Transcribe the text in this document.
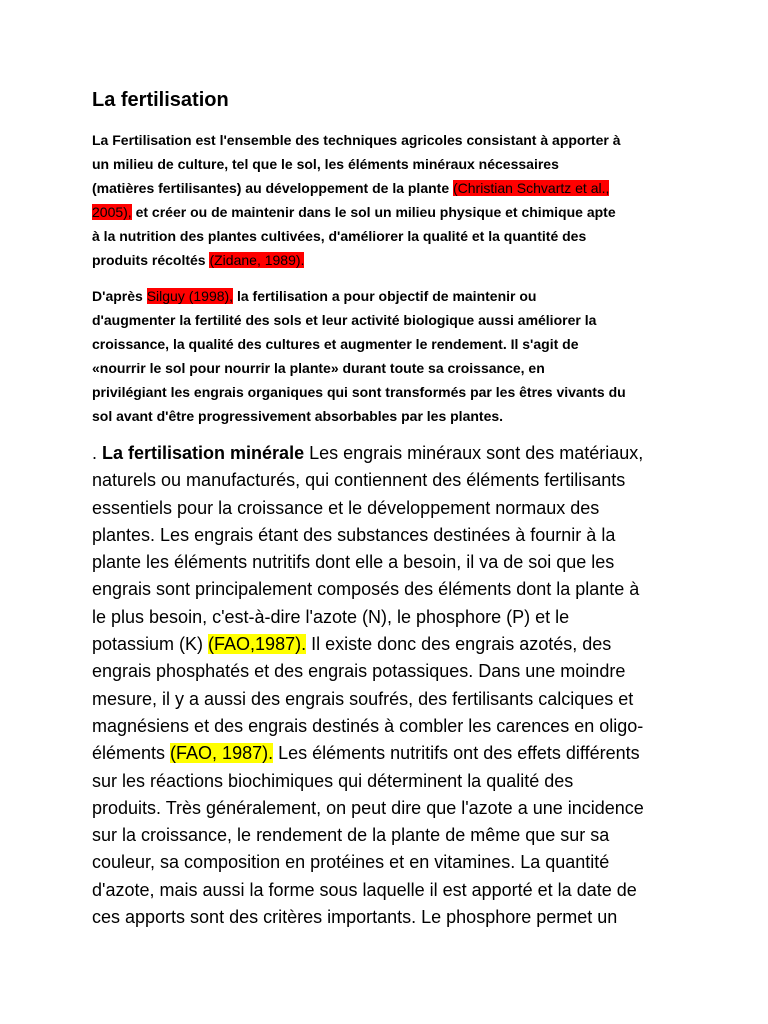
La fertilisation

La Fertilisation est l'ensemble des techniques agricoles consistant à apporter à
un milieu de culture, tel que le sol, les éléments minéraux nécessaires
(matières fertilisantes) au développement de la plante (Christian Schvartz et al.,
2005), et créer ou de maintenir dans le sol un milieu physique et chimique apte
à la nutrition des plantes cultivées, d'améliorer la qualité et la quantité des
produits récoltés (Zidane, 1989).

D'après Silguy (1998), la fertilisation a pour objectif de maintenir ou
d'augmenter la fertilité des sols et leur activité biologique aussi améliorer la
croissance, la qualité des cultures et augmenter le rendement. Il s'agit de
«nourrir le sol pour nourrir la plante» durant toute sa croissance, en
privilégiant les engrais organiques qui sont transformés par les êtres vivants du
sol avant d'être progressivement absorbables par les plantes.

. La fertilisation minérale Les engrais minéraux sont des matériaux,
naturels ou manufacturés, qui contiennent des éléments fertilisants
essentiels pour la croissance et le développement normaux des
plantes. Les engrais étant des substances destinées à fournir à la
plante les éléments nutritifs dont elle a besoin, il va de soi que les
engrais sont principalement composés des éléments dont la plante à
le plus besoin, c'est-à-dire l'azote (N), le phosphore (P) et le
potassium (K) (FAO,1987). Il existe donc des engrais azotés, des
engrais phosphatés et des engrais potassiques. Dans une moindre
mesure, il y a aussi des engrais soufrés, des fertilisants calciques et
magnésiens et des engrais destinés à combler les carences en oligo-
éléments (FAO, 1987). Les éléments nutritifs ont des effets différents
sur les réactions biochimiques qui déterminent la qualité des
produits. Très généralement, on peut dire que l'azote a une incidence
sur la croissance, le rendement de la plante de même que sur sa
couleur, sa composition en protéines et en vitamines. La quantité
d'azote, mais aussi la forme sous laquelle il est apporté et la date de
ces apports sont des critères importants. Le phosphore permet un
